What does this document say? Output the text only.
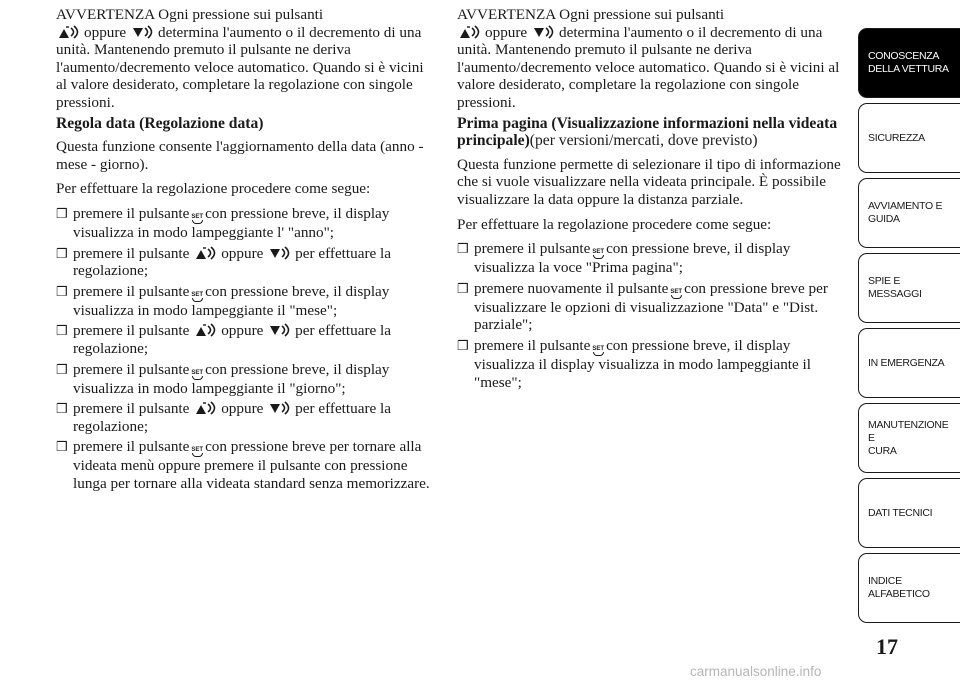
AVVERTENZA Ogni pressione sui pulsanti

oppure determina l'aumento o il decremento di una unità. Mantenendo premuto il pulsante ne deriva l'aumento/decremento veloce automatico. Quando si è vicini al valore desiderato, completare la regolazione con singole pressioni.

Regola data (Regolazione data)

Questa funzione consente l'aggiornamento della data (anno - mese - giorno).

Per effettuare la regolazione procedere come segue:

❒ premere il pulsante SET con pressione breve, il display visualizza in modo lampeggiante l' "anno";
❒ premere il pulsante oppure per effettuare la regolazione;
❒ premere il pulsante SET con pressione breve, il display visualizza in modo lampeggiante il "mese";
❒ premere il pulsante oppure per effettuare la regolazione;
❒ premere il pulsante SET con pressione breve, il display visualizza in modo lampeggiante il "giorno";
❒ premere il pulsante oppure per effettuare la regolazione;
❒ premere il pulsante SET con pressione breve per tornare alla videata menù oppure premere il pulsante con pressione lunga per tornare alla videata standard senza memorizzare.

AVVERTENZA Ogni pressione sui pulsanti

oppure determina l'aumento o il decremento di una unità. Mantenendo premuto il pulsante ne deriva l'aumento/decremento veloce automatico. Quando si è vicini al valore desiderato, completare la regolazione con singole pressioni.

Prima pagina (Visualizzazione informazioni nella videata principale)(per versioni/mercati, dove previsto)

Questa funzione permette di selezionare il tipo di informazione che si vuole visualizzare nella videata principale. È possibile visualizzare la data oppure la distanza parziale.

Per effettuare la regolazione procedere come segue:

❒ premere il pulsante SET con pressione breve, il display visualizza la voce "Prima pagina";
❒ premere nuovamente il pulsante SET con pressione breve per visualizzare le opzioni di visualizzazione "Data" e "Dist. parziale";
❒ premere il pulsante SET con pressione breve, il display visualizza il display visualizza in modo lampeggiante il "mese";
CONOSCENZA
DELLA VETTURA
SICUREZZA
AVVIAMENTO E
GUIDA
SPIE E MESSAGGI
IN EMERGENZA
MANUTENZIONE E
CURA
DATI TECNICI
INDICE
ALFABETICO
17
carmanualsonline.info
